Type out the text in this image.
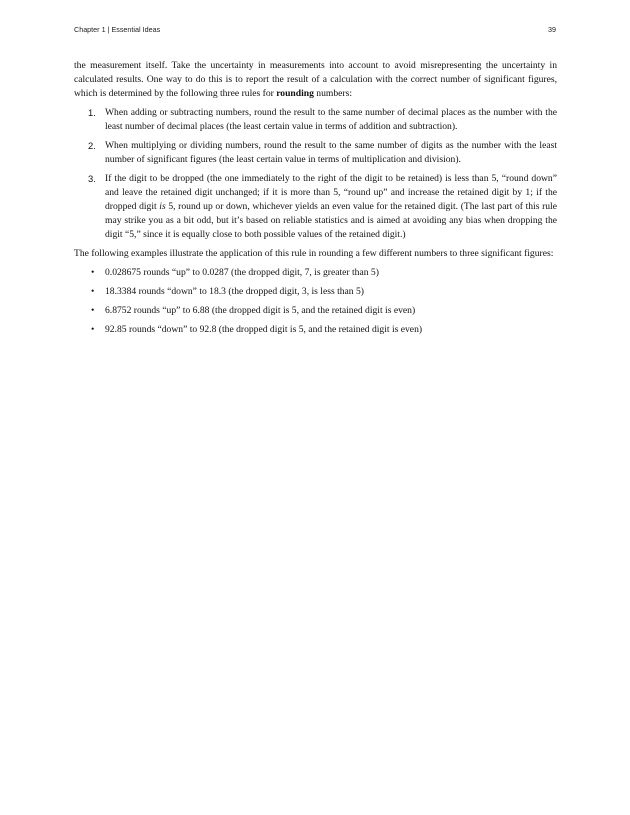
Chapter 1 | Essential Ideas	39

the measurement itself. Take the uncertainty in measurements into account to avoid misrepresenting the uncertainty in calculated results. One way to do this is to report the result of a calculation with the correct number of significant figures, which is determined by the following three rules for rounding numbers:

1. When adding or subtracting numbers, round the result to the same number of decimal places as the number with the least number of decimal places (the least certain value in terms of addition and subtraction).
2. When multiplying or dividing numbers, round the result to the same number of digits as the number with the least number of significant figures (the least certain value in terms of multiplication and division).
3. If the digit to be dropped (the one immediately to the right of the digit to be retained) is less than 5, “round down” and leave the retained digit unchanged; if it is more than 5, “round up” and increase the retained digit by 1; if the dropped digit is 5, round up or down, whichever yields an even value for the retained digit. (The last part of this rule may strike you as a bit odd, but it’s based on reliable statistics and is aimed at avoiding any bias when dropping the digit “5,” since it is equally close to both possible values of the retained digit.)

The following examples illustrate the application of this rule in rounding a few different numbers to three significant figures:

• 0.028675 rounds “up” to 0.0287 (the dropped digit, 7, is greater than 5)
• 18.3384 rounds “down” to 18.3 (the dropped digit, 3, is less than 5)
• 6.8752 rounds “up” to 6.88 (the dropped digit is 5, and the retained digit is even)
• 92.85 rounds “down” to 92.8 (the dropped digit is 5, and the retained digit is even)
